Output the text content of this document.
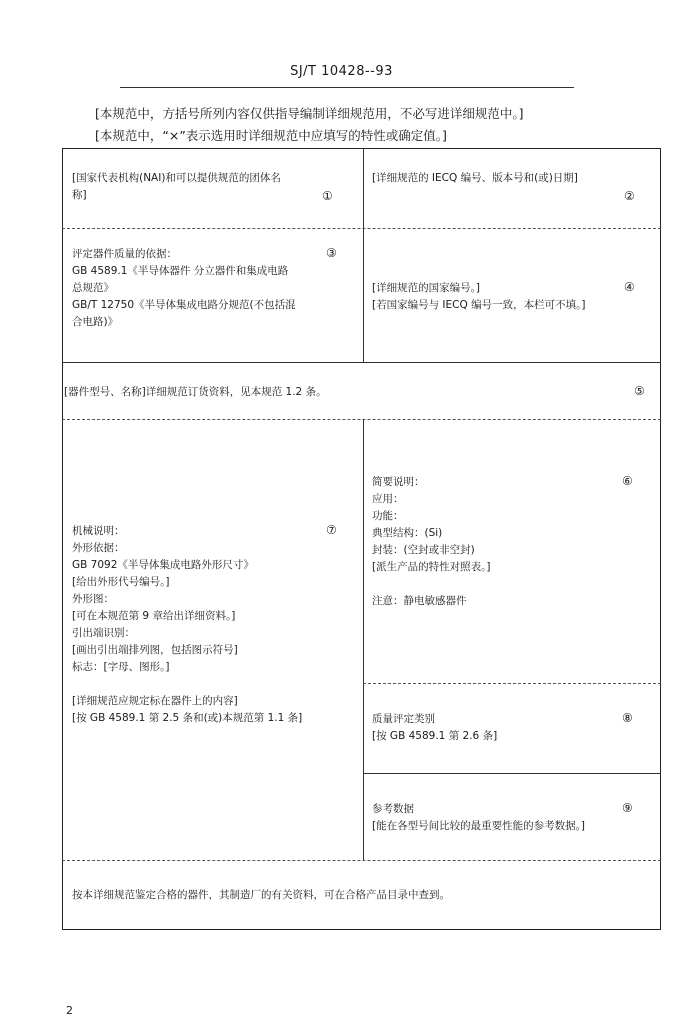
SJ/T 10428--93
[本规范中，方括号所列内容仅供指导编制详细规范用，不必写进详细规范中。]
[本规范中，“×”表示选用时详细规范中应填写的特性或确定值。]
[国家代表机构(NAI)和可以提供规范的团体名
称]	①
[详细规范的 IECQ 编号、版本号和(或)日期]
②
评定器件质量的依据：
GB 4589.1《半导体器件 分立器件和集成电路
总规范》
GB/T 12750《半导体集成电路分规范(不包括混
合电路)》
③
[详细规范的国家编号。]
[若国家编号与 IECQ 编号一致，本栏可不填。]
④
[器件型号、名称]详细规范订货资料，见本规范 1.2 条。	⑤
简要说明：
应用：
功能：
典型结构：(Si)
封装：(空封或非空封)
[派生产品的特性对照表。]
注意：静电敏感器件
⑥
机械说明：
外形依据：
GB 7092《半导体集成电路外形尺寸》
[给出外形代号编号。]
外形图：
[可在本规范第 9 章给出详细资料。]
引出端识别：
[画出引出端排列图，包括图示符号]
标志：[字母、图形。]
[详细规范应规定标在器件上的内容]
[按 GB 4589.1 第 2.5 条和(或)本规范第 1.1 条]
⑦
质量评定类别
[按 GB 4589.1 第 2.6 条]
⑧
参考数据
[能在各型号间比较的最重要性能的参考数据。]
⑨
按本详细规范鉴定合格的器件，其制造厂的有关资料，可在合格产品目录中查到。
2
